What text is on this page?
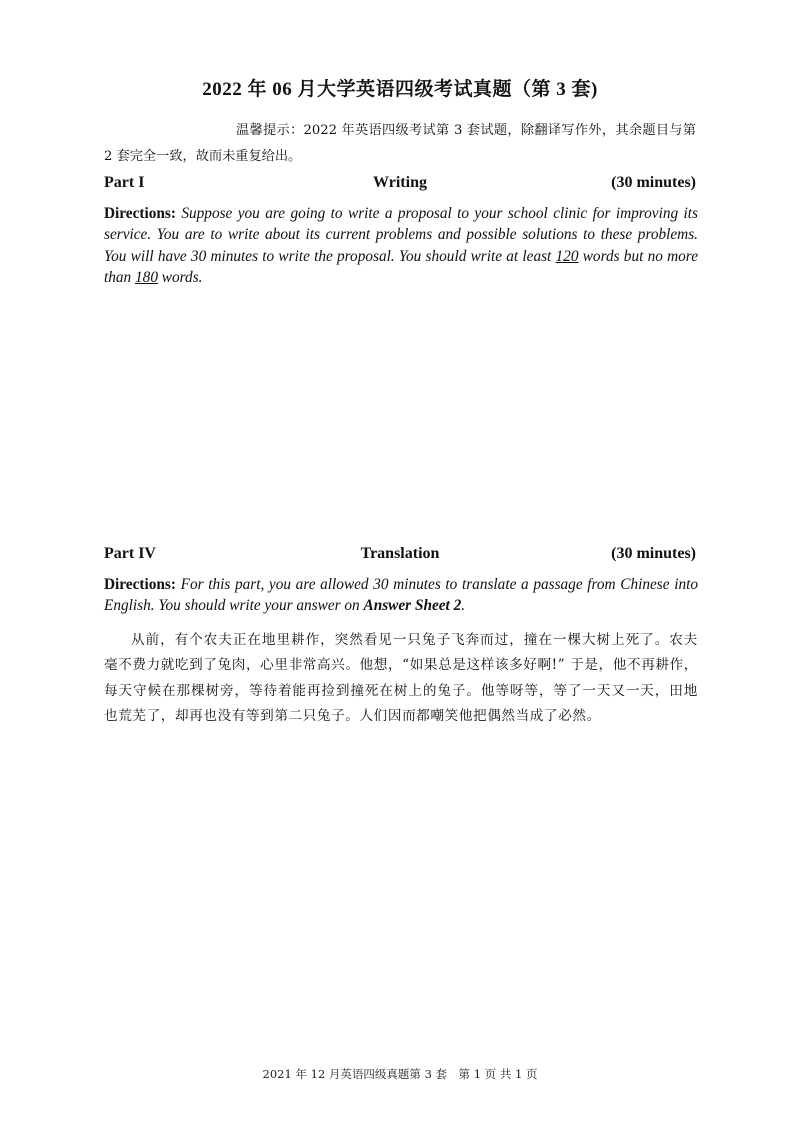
2022 年 06 月大学英语四级考试真题（第 3 套)
温馨提示：2022 年英语四级考试第 3 套试题，除翻译写作外，其余题目与第 2 套完全一致，故而未重复给出。
Part I	Writing	(30 minutes)
Directions: Suppose you are going to write a proposal to your school clinic for improving its service. You are to write about its current problems and possible solutions to these problems. You will have 30 minutes to write the proposal. You should write at least 120 words but no more than 180 words.
Part IV	Translation	(30 minutes)
Directions: For this part, you are allowed 30 minutes to translate a passage from Chinese into English. You should write your answer on Answer Sheet 2.
从前，有个农夫正在地里耕作，突然看见一只兔子飞奔而过，撞在一棵大树上死了。农夫毫不费力就吃到了兔肉，心里非常高兴。他想，“如果总是这样该多好啊!” 于是，他不再耕作，每天守候在那棵树旁，等待着能再捡到撞死在树上的兔子。他等呀等，等了一天又一天，田地也荒芜了，却再也没有等到第二只兔子。人们因而都嘲笑他把偶然当成了必然。
2021 年 12 月英语四级真题第 3 套　第 1 页 共 1 页
